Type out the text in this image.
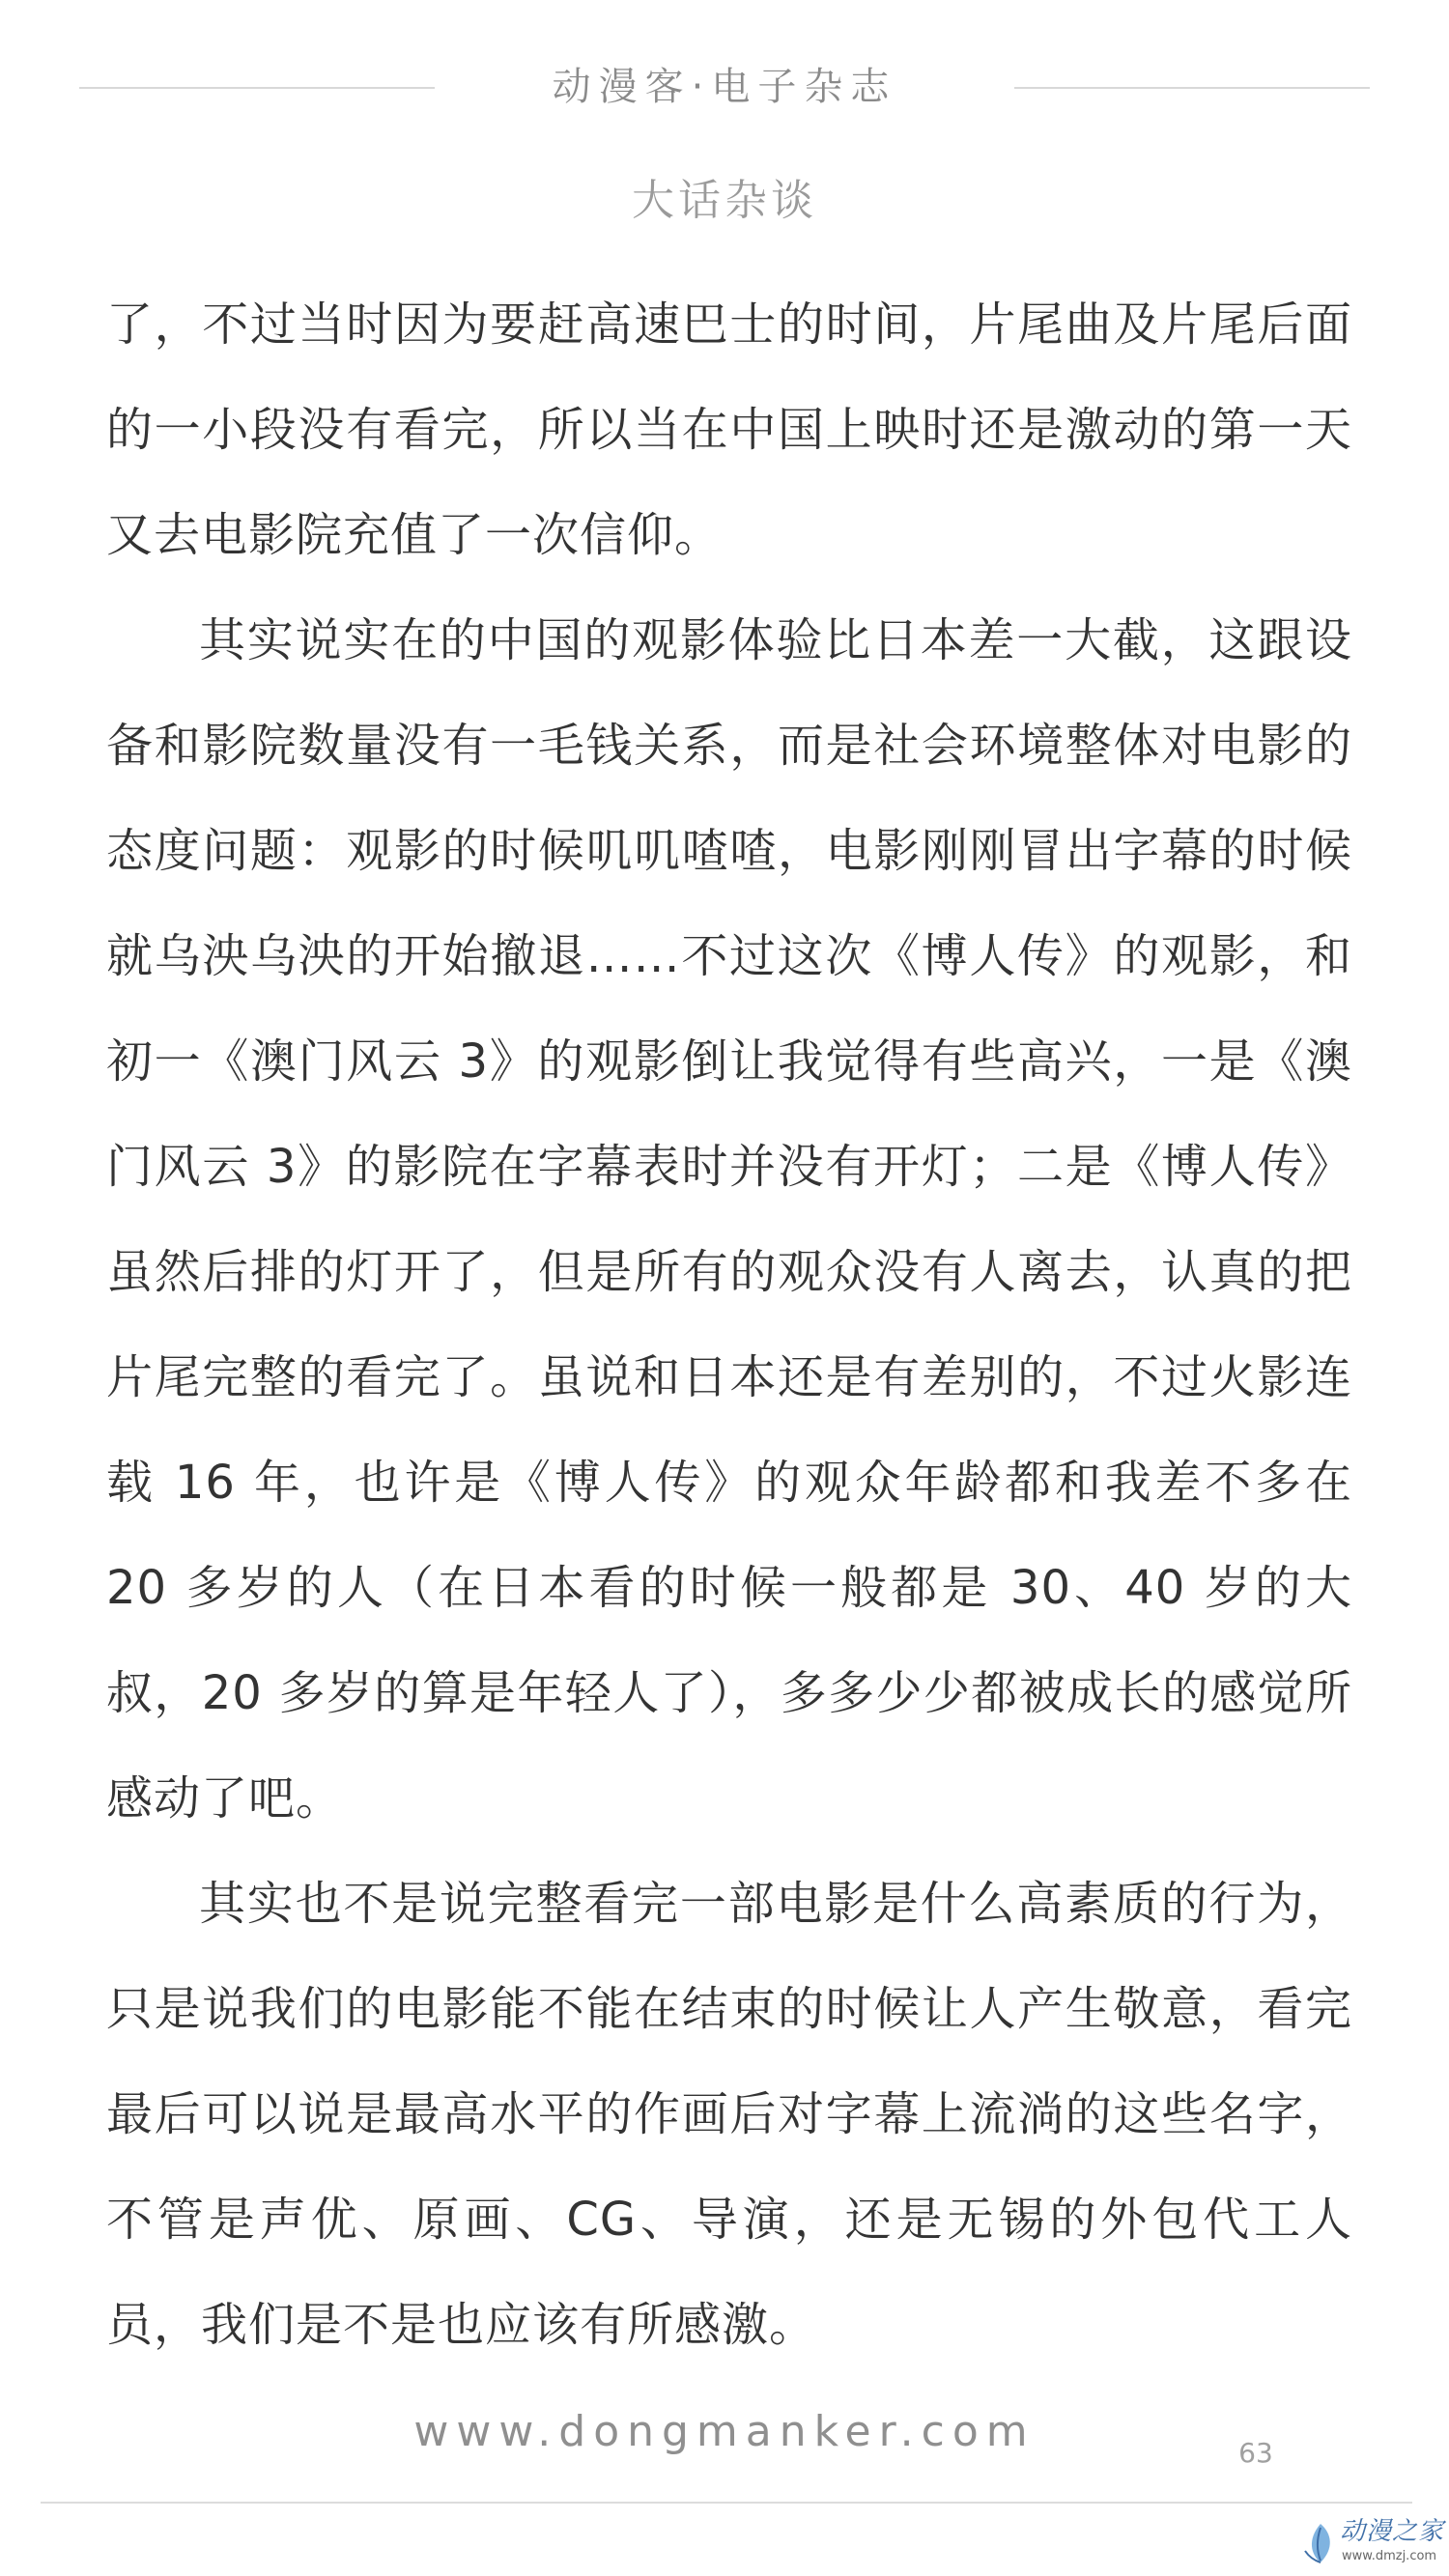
动漫客·电子杂志
大话杂谈

了，不过当时因为要赶高速巴士的时间，片尾曲及片尾后面的一小段没有看完，所以当在中国上映时还是激动的第一天又去电影院充值了一次信仰。

其实说实在的中国的观影体验比日本差一大截，这跟设备和影院数量没有一毛钱关系，而是社会环境整体对电影的态度问题：观影的时候叽叽喳喳，电影刚刚冒出字幕的时候就乌泱乌泱的开始撤退……不过这次《博人传》的观影，和初一《澳门风云 3》的观影倒让我觉得有些高兴，一是《澳门风云 3》的影院在字幕表时并没有开灯；二是《博人传》虽然后排的灯开了，但是所有的观众没有人离去，认真的把片尾完整的看完了。虽说和日本还是有差别的，不过火影连载 16 年，也许是《博人传》的观众年龄都和我差不多在 20 多岁的人（在日本看的时候一般都是 30、40 岁的大叔，20 多岁的算是年轻人了），多多少少都被成长的感觉所感动了吧。

其实也不是说完整看完一部电影是什么高素质的行为，只是说我们的电影能不能在结束的时候让人产生敬意，看完最后可以说是最高水平的作画后对字幕上流淌的这些名字，不管是声优、原画、CG、导演，还是无锡的外包代工人员，我们是不是也应该有所感激。

www.dongmanker.com	63
动漫之家
www.dmzj.com
